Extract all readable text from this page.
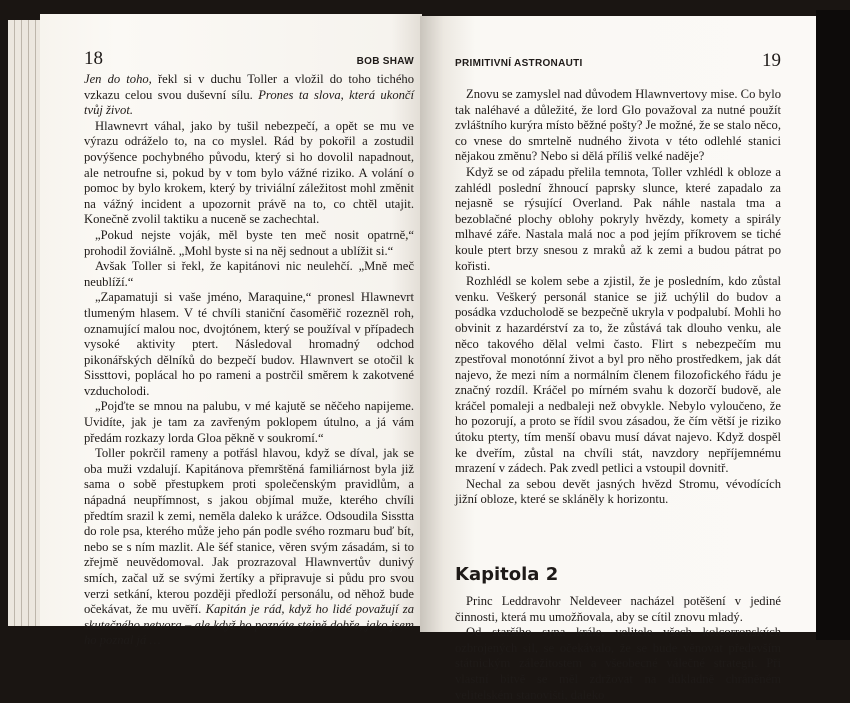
18	BOB SHAW

Jen do toho, řekl si v duchu Toller a vložil do toho tichého vzkazu celou svou duševní sílu. Prones ta slova, která ukončí tvůj život.

Hlawnevrt váhal, jako by tušil nebezpečí, a opět se mu ve výrazu odráželo to, na co myslel. Rád by pokořil a zostudil povýšence pochybného původu, který si ho dovolil napadnout, ale netroufne si, pokud by v tom bylo vážné riziko. A volání o pomoc by bylo krokem, který by triviální záležitost mohl změnit na vážný incident a upozornit právě na to, co chtěl utajit. Konečně zvolil taktiku a nuceně se zachechtal.

„Pokud nejste voják, měl byste ten meč nosit opatrně,“ prohodil žoviálně. „Mohl byste si na něj sednout a ublížit si.“

Avšak Toller si řekl, že kapitánovi nic neulehčí. „Mně meč neublíží.“

„Zapamatuji si vaše jméno, Maraquine,“ pronesl Hlawnevrt tlumeným hlasem. V té chvíli staniční časoměřič rozezněl roh, oznamující malou noc, dvojtónem, který se používal v případech vysoké aktivity ptert. Následoval hromadný odchod pikonářských dělníků do bezpečí budov. Hlawnvert se otočil k Sissttovi, poplácal ho po rameni a postrčil směrem k zakotvené vzducholodi.

„Pojďte se mnou na palubu, v mé kajutě se něčeho napijeme. Uvidíte, jak je tam za zavřeným poklopem útulno, a já vám předám rozkazy lorda Gloa pěkně v soukromí.“

Toller pokrčil rameny a potřásl hlavou, když se díval, jak se oba muži vzdalují. Kapitánova přemrštěná familiárnost byla již sama o sobě přestupkem proti společenským pravidlům, a nápadná neupřímnost, s jakou objímal muže, kterého chvíli předtím srazil k zemi, neměla daleko k urážce. Odsoudila Sisstta do role psa, kterého může jeho pán podle svého rozmaru buď bít, nebo se s ním mazlit. Ale šéf stanice, věren svým zásadám, si to zřejmě neuvědomoval. Jak prozrazoval Hlawnvertův dunivý smích, začal už se svými žertíky a připravuje si půdu pro svou verzi setkání, kterou později předloží personálu, od něhož bude očekávat, že mu uvěří. Kapitán je rád, když ho lidé považují za skutečného netvora – ale když ho poznáte stejně dobře, jako jsem ho poznal já …

PRIMITIVNÍ ASTRONAUTI	19

Znovu se zamyslel nad důvodem Hlawnvertovy mise. Co bylo tak naléhavé a důležité, že lord Glo považoval za nutné použít zvláštního kurýra místo běžné pošty? Je možné, že se stalo něco, co vnese do smrtelně nudného života v této odlehlé stanici nějakou změnu? Nebo si dělá příliš velké naděje?

Když se od západu přelila temnota, Toller vzhlédl k obloze a zahlédl poslední žhnoucí paprsky slunce, které zapadalo za nejasně se rýsující Overland. Pak náhle nastala tma a bezoblačné plochy oblohy pokryly hvězdy, komety a spirály mlhavé záře. Nastala malá noc a pod jejím příkrovem se tiché koule ptert brzy snesou z mraků až k zemi a budou pátrat po kořisti.

Rozhlédl se kolem sebe a zjistil, že je posledním, kdo zůstal venku. Veškerý personál stanice se již uchýlil do budov a posádka vzducholodě se bezpečně ukryla v podpalubí. Mohli ho obvinit z hazardérství za to, že zůstává tak dlouho venku, ale něco takového dělal velmi často. Flirt s nebezpečím mu zpestřoval monotónní život a byl pro něho prostředkem, jak dát najevo, že mezi ním a normálním členem filozofického řádu je značný rozdíl. Kráčel po mírném svahu k dozorčí budově, ale kráčel pomaleji a nedbaleji než obvykle. Nebylo vyloučeno, že ho pozorují, a proto se řídil svou zásadou, že čím větší je riziko útoku pterty, tím menší obavu musí dávat najevo. Když dospěl ke dveřím, zůstal na chvíli stát, navzdory nepříjemnému mrazení v zádech. Pak zvedl petlici a vstoupil dovnitř.

Nechal za sebou devět jasných hvězd Stromu, vévodících jižní obloze, které se skláněly k horizontu.

Kapitola 2

Princ Leddravohr Neldeveer nacházel potěšení v jediné činnosti, která mu umožňovala, aby se cítil znovu mladý.

Od staršího syna krále, velitele všech kolcorronských ozbrojených sil, se očekávalo, že se bude věnovat především státnickým záležitostem a všeobecné válečné strategii. Při vlastní bitvě se měl zdržovat na důkladně chráněném velitelském stanovišti, daleko
